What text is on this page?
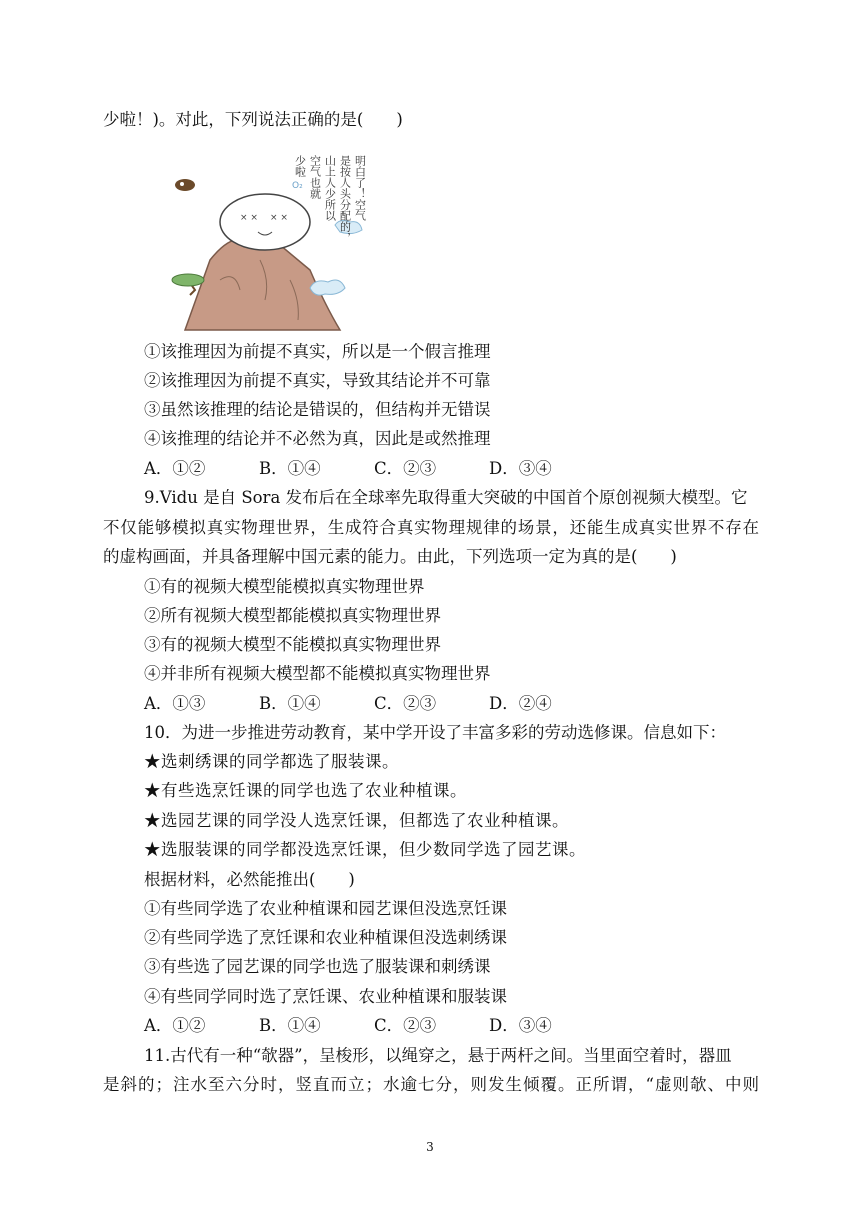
少啦！)。对此，下列说法正确的是(　　)
× × × ×	明白了！空气
是按人头分配的，
山上人少所以
空气也就
少啦
O₂
①该推理因为前提不真实，所以是一个假言推理
②该推理因为前提不真实，导致其结论并不可靠
③虽然该推理的结论是错误的，但结构并无错误
④该推理的结论并不必然为真，因此是或然推理
A．①②	B．①④	C．②③	D．③④
9.Vidu 是自 Sora 发布后在全球率先取得重大突破的中国首个原创视频大模型。它
不仅能够模拟真实物理世界，生成符合真实物理规律的场景，还能生成真实世界不存在
的虚构画面，并具备理解中国元素的能力。由此，下列选项一定为真的是(　　)
①有的视频大模型能模拟真实物理世界
②所有视频大模型都能模拟真实物理世界
③有的视频大模型不能模拟真实物理世界
④并非所有视频大模型都不能模拟真实物理世界
A．①③	B．①④	C．②③	D．②④
10．为进一步推进劳动教育，某中学开设了丰富多彩的劳动选修课。信息如下：
★选刺绣课的同学都选了服装课。
★有些选烹饪课的同学也选了农业种植课。
★选园艺课的同学没人选烹饪课，但都选了农业种植课。
★选服装课的同学都没选烹饪课，但少数同学选了园艺课。
根据材料，必然能推出(　　)
①有些同学选了农业种植课和园艺课但没选烹饪课
②有些同学选了烹饪课和农业种植课但没选刺绣课
③有些选了园艺课的同学也选了服装课和刺绣课
④有些同学同时选了烹饪课、农业种植课和服装课
A．①②	B．①④	C．②③	D．③④
11.古代有一种“欹器”，呈梭形，以绳穿之，悬于两杆之间。当里面空着时，器皿
是斜的；注水至六分时，竖直而立；水逾七分，则发生倾覆。正所谓，“虚则欹、中则
3
